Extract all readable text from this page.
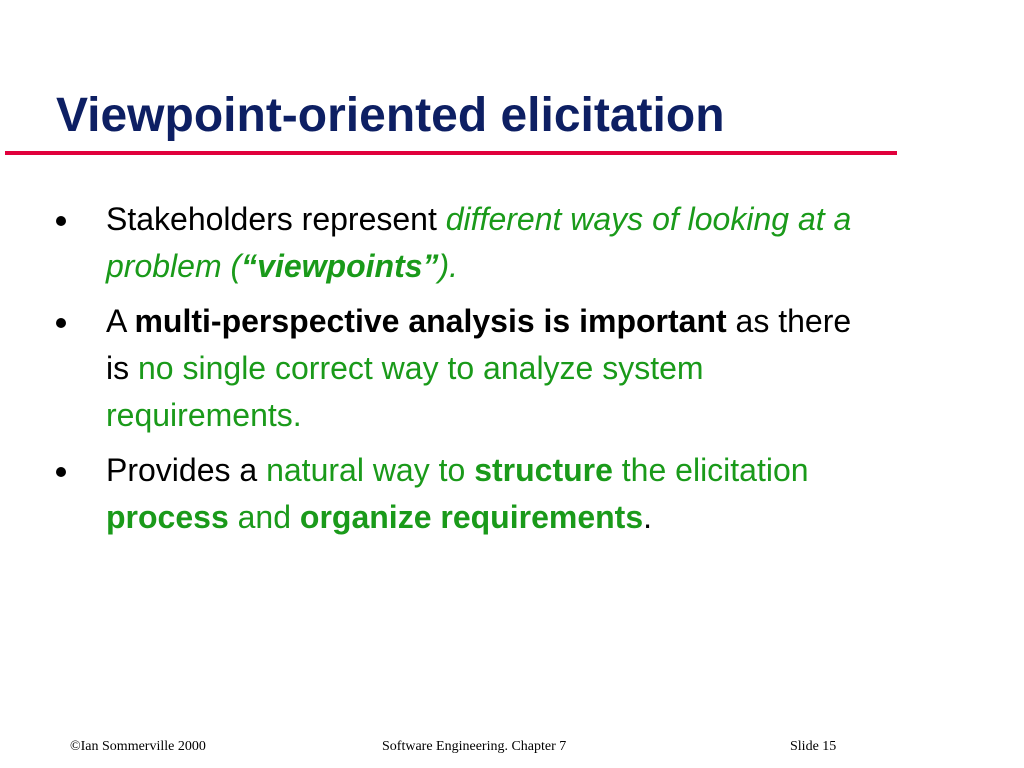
Viewpoint-oriented elicitation
Stakeholders represent different ways of looking at a problem (“viewpoints”).
A multi-perspective analysis is important as there is no single correct way to analyze system requirements.
Provides a natural way to structure the elicitation process and organize requirements.
©Ian Sommerville 2000	Software Engineering. Chapter 7	Slide 15
